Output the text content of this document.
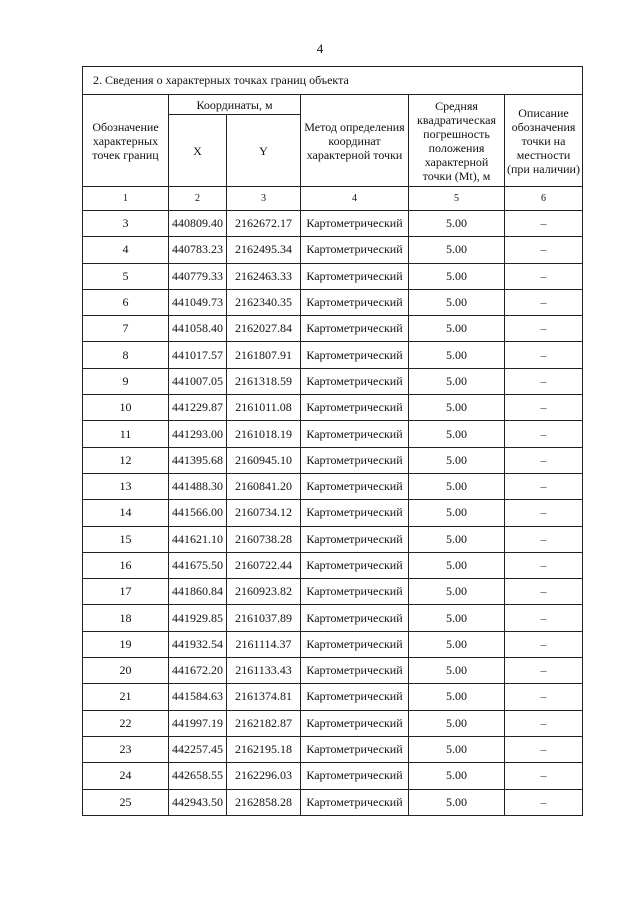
4
2. Сведения о характерных точках границ объекта					
Обозначение характерных точек границ	Координаты, м		Метод определения координат характерной точки	Средняя квадратическая погрешность положения характерной точки (Mt), м	Описание обозначения точки на местности (при наличии)
	X	Y			
1	2	3	4	5	6
3	440809.40	2162672.17	Картометрический	5.00	–
4	440783.23	2162495.34	Картометрический	5.00	–
5	440779.33	2162463.33	Картометрический	5.00	–
6	441049.73	2162340.35	Картометрический	5.00	–
7	441058.40	2162027.84	Картометрический	5.00	–
8	441017.57	2161807.91	Картометрический	5.00	–
9	441007.05	2161318.59	Картометрический	5.00	–
10	441229.87	2161011.08	Картометрический	5.00	–
11	441293.00	2161018.19	Картометрический	5.00	–
12	441395.68	2160945.10	Картометрический	5.00	–
13	441488.30	2160841.20	Картометрический	5.00	–
14	441566.00	2160734.12	Картометрический	5.00	–
15	441621.10	2160738.28	Картометрический	5.00	–
16	441675.50	2160722.44	Картометрический	5.00	–
17	441860.84	2160923.82	Картометрический	5.00	–
18	441929.85	2161037.89	Картометрический	5.00	–
19	441932.54	2161114.37	Картометрический	5.00	–
20	441672.20	2161133.43	Картометрический	5.00	–
21	441584.63	2161374.81	Картометрический	5.00	–
22	441997.19	2162182.87	Картометрический	5.00	–
23	442257.45	2162195.18	Картометрический	5.00	–
24	442658.55	2162296.03	Картометрический	5.00	–
25	442943.50	2162858.28	Картометрический	5.00	–
